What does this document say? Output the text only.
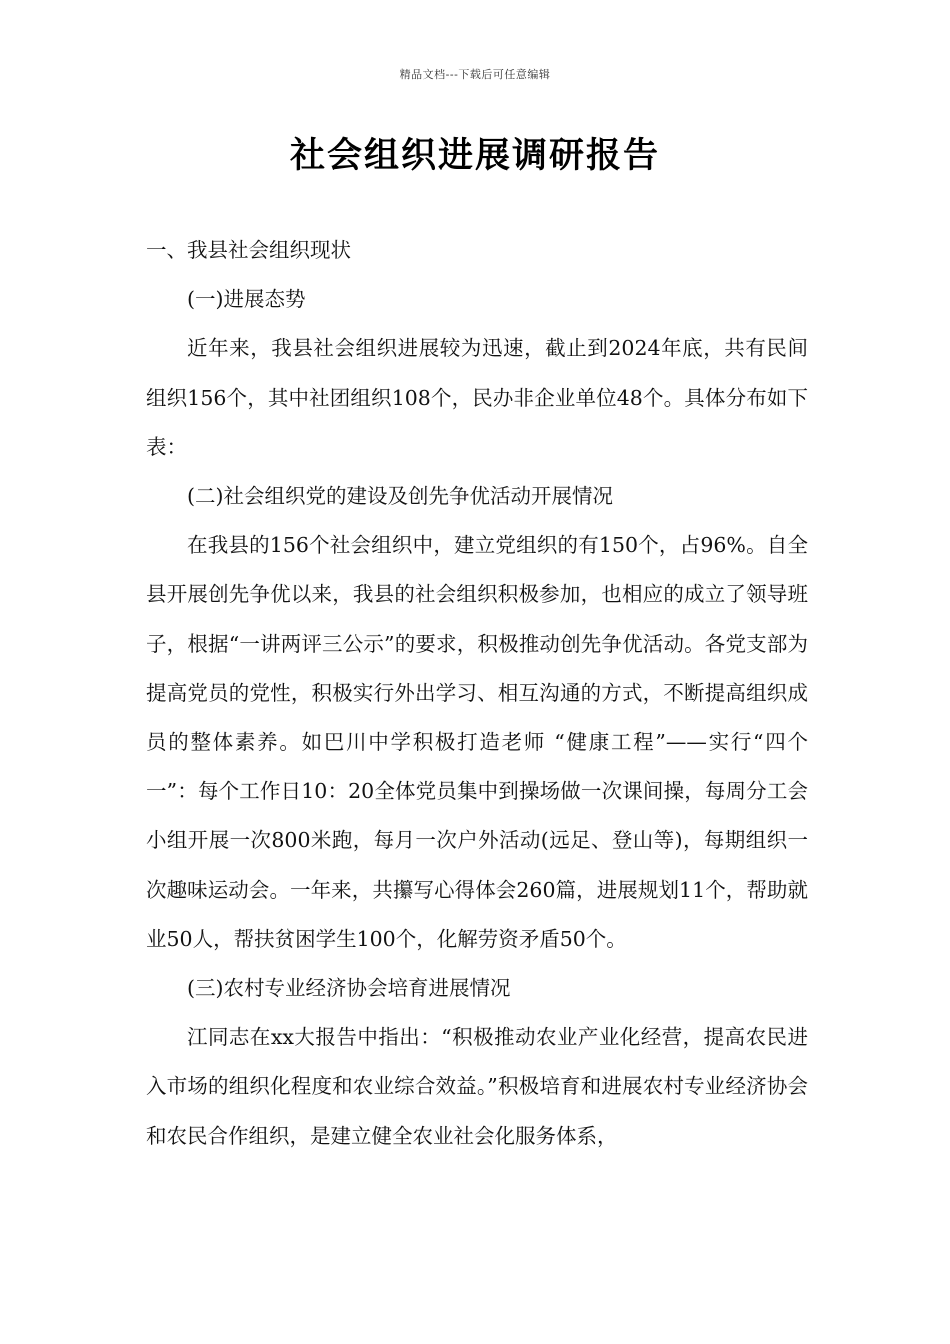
精品文档---下载后可任意编辑
社会组织进展调研报告

一、我县社会组织现状

(一)进展态势

近年来，我县社会组织进展较为迅速，截止到2024年底，共有民间组织156个，其中社团组织108个，民办非企业单位48个。具体分布如下表：

(二)社会组织党的建设及创先争优活动开展情况

在我县的156个社会组织中，建立党组织的有150个，占96%。自全县开展创先争优以来，我县的社会组织积极参加，也相应的成立了领导班子，根据“一讲两评三公示”的要求，积极推动创先争优活动。各党支部为提高党员的党性，积极实行外出学习、相互沟通的方式，不断提高组织成员的整体素养。如巴川中学积极打造老师 “健康工程”——实行“四个一”：每个工作日10：20全体党员集中到操场做一次课间操，每周分工会小组开展一次800米跑，每月一次户外活动(远足、登山等)，每期组织一次趣味运动会。一年来，共攥写心得体会260篇，进展规划11个，帮助就业50人，帮扶贫困学生100个，化解劳资矛盾50个。

(三)农村专业经济协会培育进展情况

江同志在xx大报告中指出：“积极推动农业产业化经营，提高农民进入市场的组织化程度和农业综合效益。”积极培育和进展农村专业经济协会和农民合作组织，是建立健全农业社会化服务体系，
